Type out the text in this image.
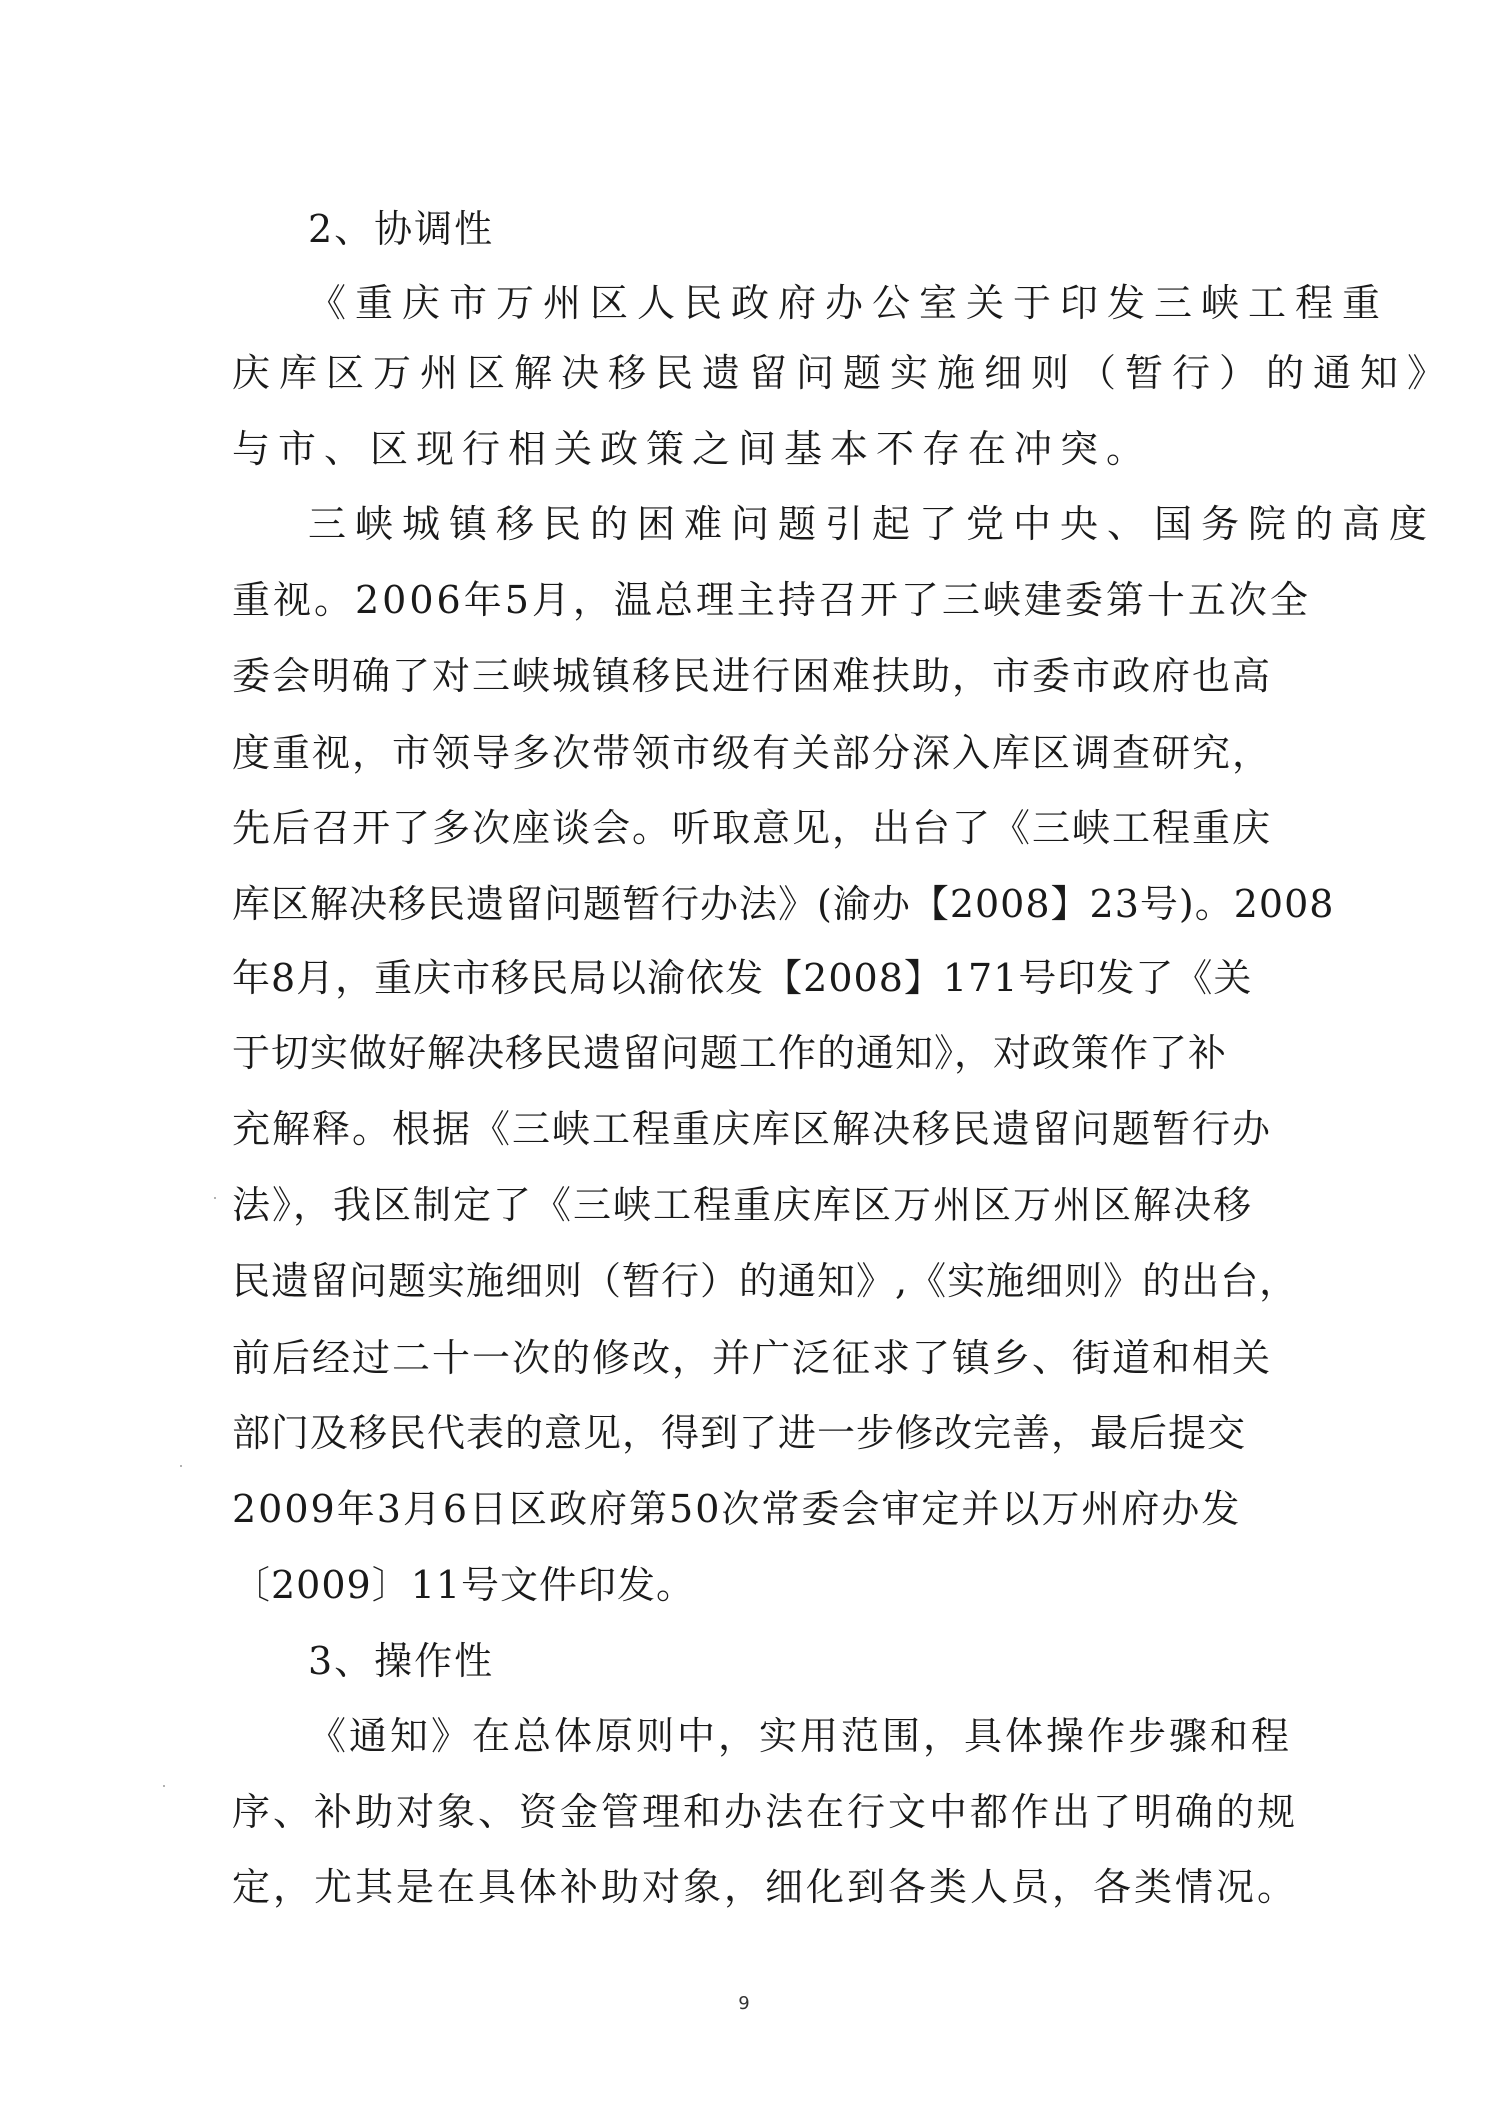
2、协调性
《重庆市万州区人民政府办公室关于印发三峡工程重
庆库区万州区解决移民遗留问题实施细则（暂行）的通知》
与市、区现行相关政策之间基本不存在冲突。
三峡城镇移民的困难问题引起了党中央、国务院的高度
重视。2006年5月，温总理主持召开了三峡建委第十五次全
委会明确了对三峡城镇移民进行困难扶助，市委市政府也高
度重视，市领导多次带领市级有关部分深入库区调查研究，
先后召开了多次座谈会。听取意见，出台了《三峡工程重庆
库区解决移民遗留问题暂行办法》(渝办【2008】23号)。2008
年8月，重庆市移民局以渝依发【2008】171号印发了《关
于切实做好解决移民遗留问题工作的通知》，对政策作了补
充解释。根据《三峡工程重庆库区解决移民遗留问题暂行办
法》，我区制定了《三峡工程重庆库区万州区万州区解决移
民遗留问题实施细则（暂行）的通知》,《实施细则》的出台，
前后经过二十一次的修改，并广泛征求了镇乡、街道和相关
部门及移民代表的意见，得到了进一步修改完善，最后提交
2009年3月6日区政府第50次常委会审定并以万州府办发
〔2009〕11号文件印发。
3、操作性
《通知》在总体原则中，实用范围，具体操作步骤和程
序、补助对象、资金管理和办法在行文中都作出了明确的规
定，尤其是在具体补助对象，细化到各类人员，各类情况。
9
